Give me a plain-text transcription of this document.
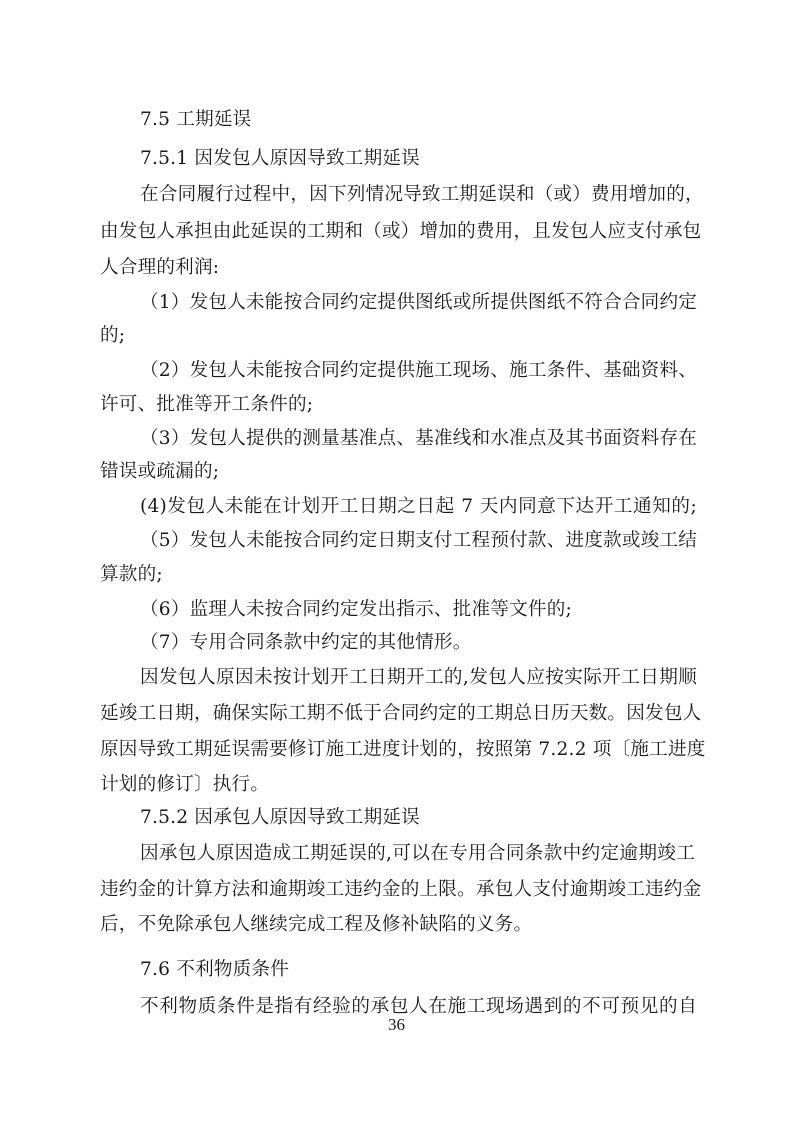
7.5 工期延误
7.5.1 因发包人原因导致工期延误
在合同履行过程中，因下列情况导致工期延误和（或）费用增加的，
由发包人承担由此延误的工期和（或）增加的费用，且发包人应支付承包
人合理的利润:
（1）发包人未能按合同约定提供图纸或所提供图纸不符合合同约定
的;
（2）发包人未能按合同约定提供施工现场、施工条件、基础资料、
许可、批准等开工条件的;
（3）发包人提供的测量基准点、基准线和水准点及其书面资料存在
错误或疏漏的;
(4)发包人未能在计划开工日期之日起 7 天内同意下达开工通知的;
（5）发包人未能按合同约定日期支付工程预付款、进度款或竣工结
算款的;
（6）监理人未按合同约定发出指示、批准等文件的;
（7）专用合同条款中约定的其他情形。
因发包人原因未按计划开工日期开工的,发包人应按实际开工日期顺
延竣工日期，确保实际工期不低于合同约定的工期总日历天数。因发包人
原因导致工期延误需要修订施工进度计划的，按照第 7.2.2 项〔施工进度
计划的修订〕执行。
7.5.2 因承包人原因导致工期延误
因承包人原因造成工期延误的,可以在专用合同条款中约定逾期竣工
违约金的计算方法和逾期竣工违约金的上限。承包人支付逾期竣工违约金
后，不免除承包人继续完成工程及修补缺陷的义务。
7.6 不利物质条件
不利物质条件是指有经验的承包人在施工现场遇到的不可预见的自
36
